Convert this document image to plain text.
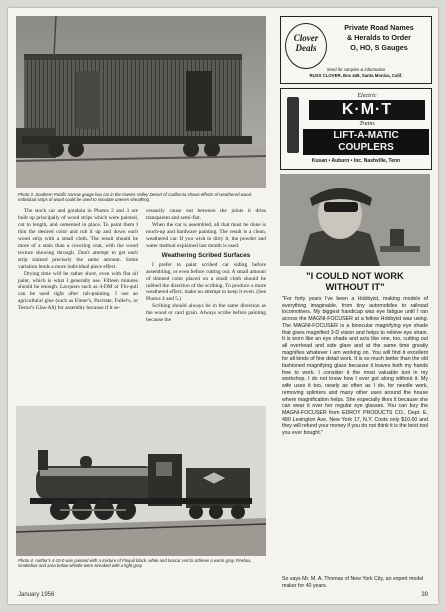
Photo 3. Southern Pacific narrow gauge box car in the Owens Valley Desert of California shows effects of weathered wood. Individual strips of wood could be used to simulate uneven sheathing.

The stock car and gondola in Photos 2 and 3 are built up principally of wood strips which were painted, cut to length, and cemented in place. To paint them I thin the desired color and rub it up and down each wood strip with a small cloth. The result should be more of a stain than a covering coat, with the wood texture showing through. Don't attempt to get each strip stained precisely the same amount. Some variation lends a more individual piece effect.

Drying time will be rather short, even with flat oil paint, which is what I generally use. Fifteen minutes should be enough. Lacquers such as 4-DM or Flo-quil can be used right after rub-painting. I use an agricultural glue (such as Elmer's, Pactrate, Fuller's, or Testor's Glas-All) for assembly because if it se-

cessarily cause out between the joints it dries transparent and semi-flat.

When the car is assembled, all that must be done is touch-up and hardware painting. The result is a clean, weathered car. If you wish to dirty it, the powder and water method explained last month is used.

Weathering Scribed Surfaces

I prefer to paint scribed car siding before assembling, or even before cutting out. A small amount of thinned color placed on a small cloth should be rubbed the direction of the scribing. To produce a more weathered effect, make no attempt to keep it even. (See Photos 4 and 5.)

Scribing should always be in the same direction as the wood or card grain. Always scribe before painting because the

Photo 4. Author's 4-10-0 was painted with a mixture of Floquil black, white and boxcar red to achieve a warm gray. Firebox, smokebox and area below whistle were streaked with a light gray.
Clover
Deals
Private Road Names
& Heralds to Order
O, HO, S Gauges
Send for samples & information
RUSS CLOVER, Box 449, Santa Monica, Calif.
Electric
K·M·T
Trains
LIFT-A-MATIC
COUPLERS
Kusan • Auburn • Inc. Nashville, Tenn
"I COULD NOT WORK
WITHOUT IT"
"For forty years I've been a Hobbyist, making models of everything imaginable, from tiny automobiles to railroad locomotives. My biggest handicap was eye fatigue until I ran across the MAGNI-FOCUSER at a fellow Hobbyist was using. The MAGNI-FOCUSER is a binocular magnifying eye shade that gives magnified 3-D vision and helps to relieve eye strain. It is worn like an eye shade and acts like one, too, cutting out all overhead and side glare and at the same time greatly magnifies whatever I am working on. You will find it excellent for all kinds of fine detail work. It is so much better than the old fashioned magnifying glass because it leaves both my hands free to work. I consider it the most valuable tool in my workshop. I do not know how I ever got along without it. My wife uses it too, nearly as often as I do, for needle work, removing splinters and many other uses around the house where magnification helps. She especially likes it because she can wear it over her regular eye glasses. You can buy the MAGNI-FOCUSER from EDROY PRODUCTS CO., Dept. E, 480 Lexington Ave, New York 17, N.Y. Costs only $10.00 and they will refund your money if you do not think it is the best tool you ever bought."
So says Mr. M. A. Thomas of New York City, an expert model maker for 40 years.
January 1956	39
